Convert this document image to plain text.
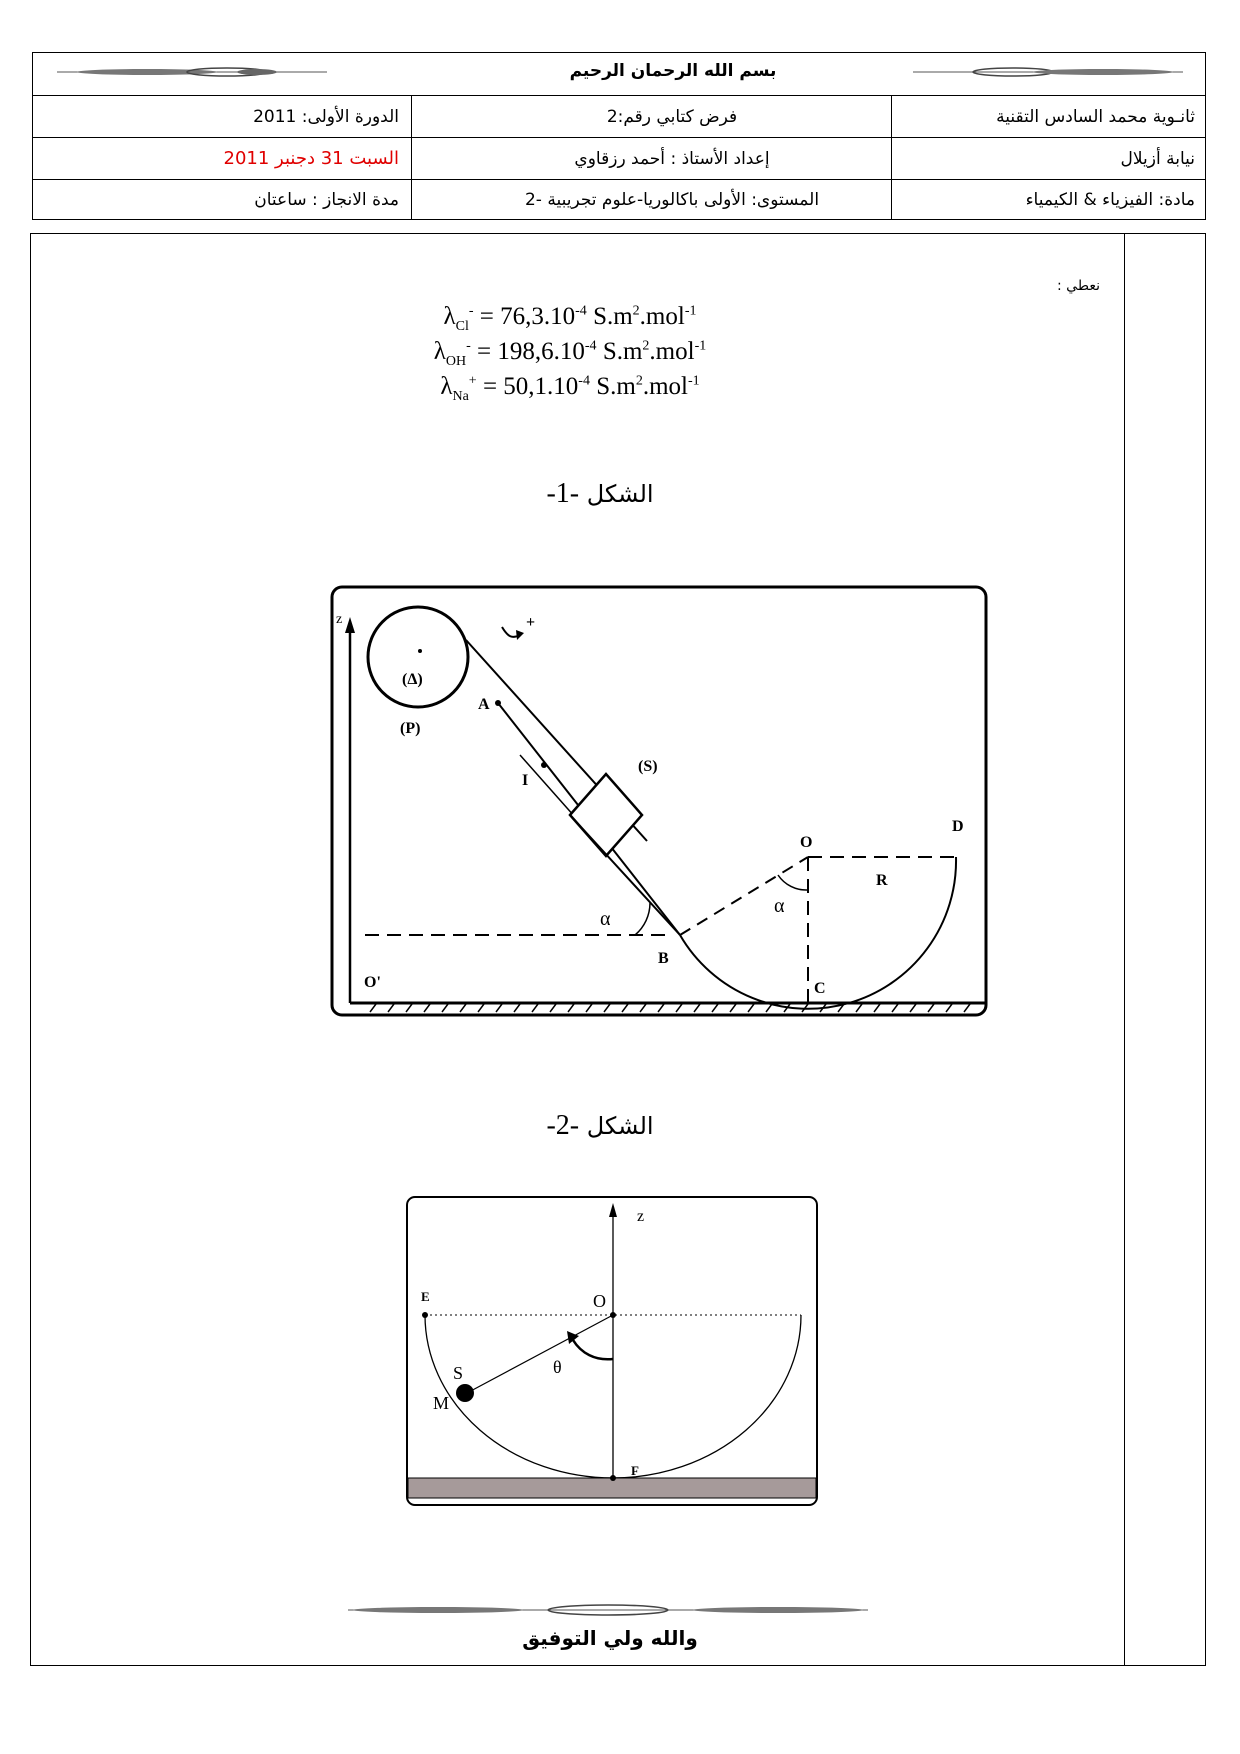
بسم الله الرحمان الرحيم
ثانـوية محمد السادس التقنية
فرض كتابي رقم:2
الدورة الأولى: 2011
نيابة أزيلال
إعداد الأستاذ : أحمد رزقاوي
السبت 31 دجنبر 2011
مادة: الفيزياء & الكيمياء
المستوى: الأولى باكالوريا-علوم تجريبية -2
مدة الانجاز : ساعتان
نعطي :
$\lambda_{Cl}^- = 76,3.10^{-4}$ $S.m^2.mol^{-1}$
$\lambda_{OH}^- = 198,6.10^{-4}$ $S.m^2.mol^{-1}$
$\lambda_{Na}^+ = 50,1.10^{-4}$ $S.m^2.mol^{-1}$
الشكل -1-
z
(Δ)
(P)
+
A
I
(S)
O
D
R
α
α
B
C
O'
الشكل -2-
z
E	O
S
M
θ
F
والله ولي التوفيق
